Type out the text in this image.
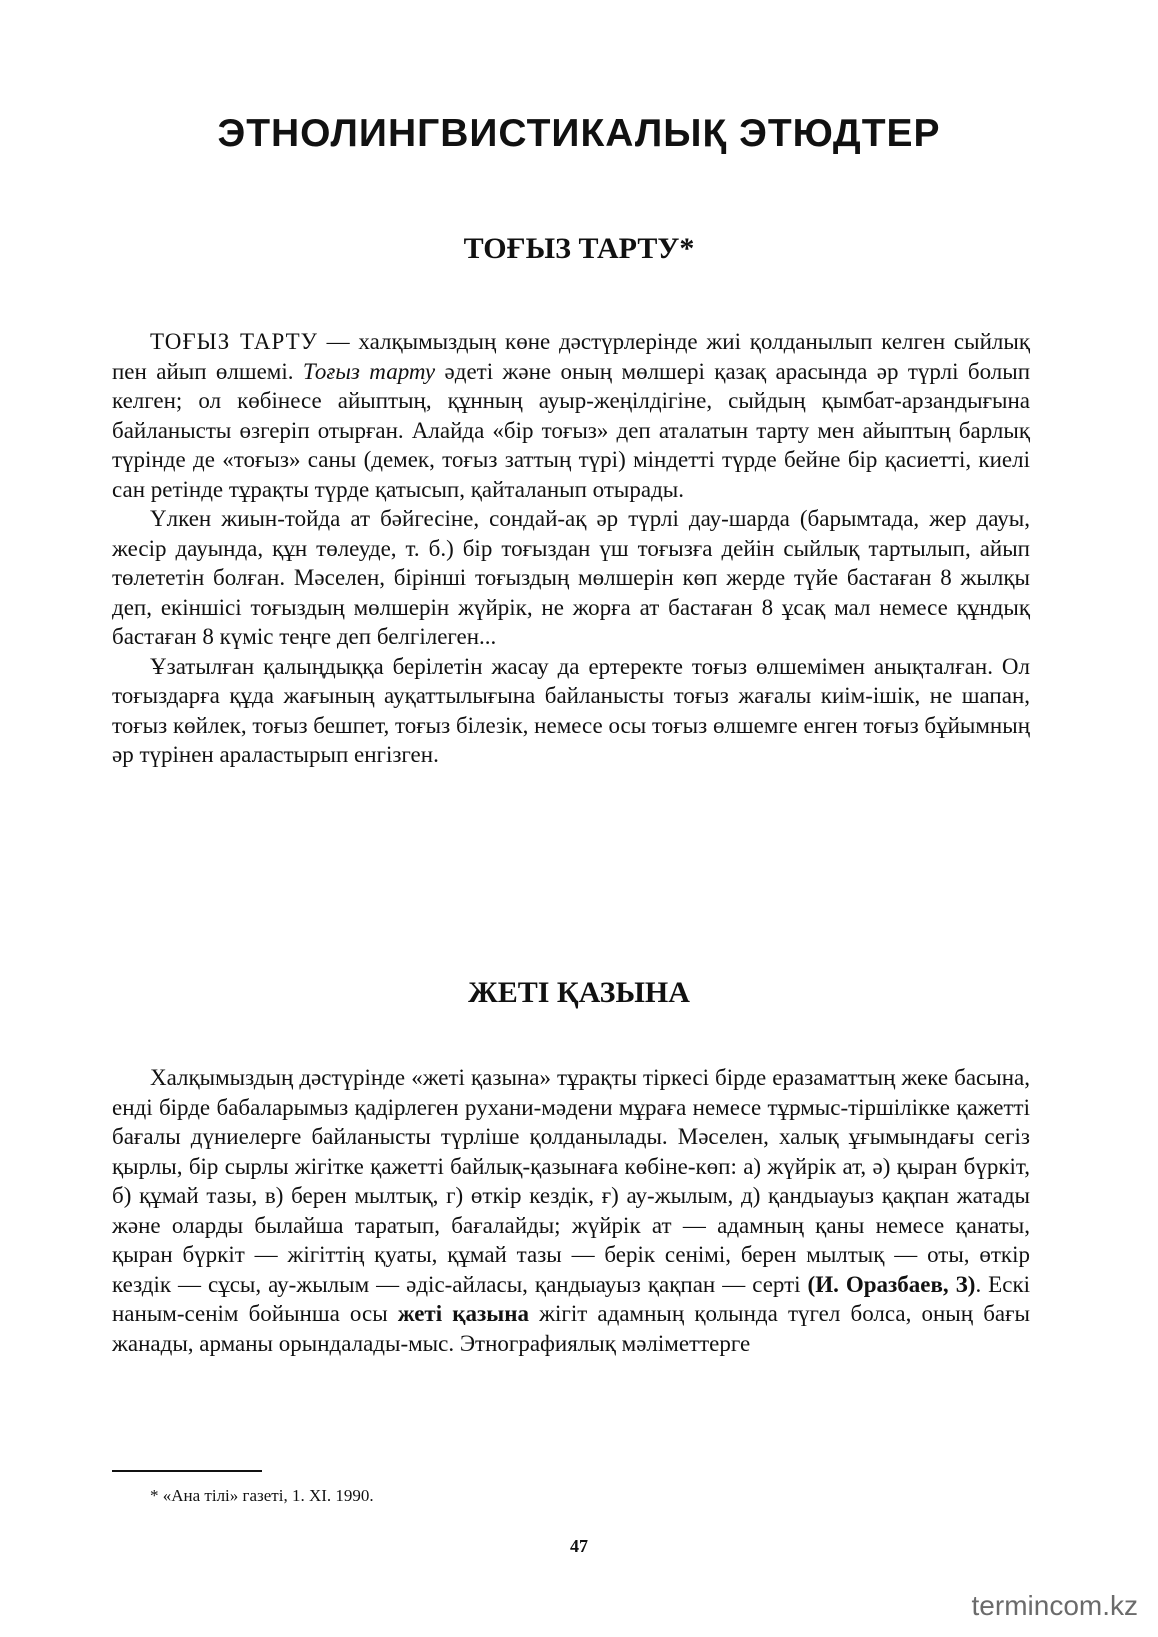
ЭТНОЛИНГВИСТИКАЛЫҚ ЭТЮДТЕР
ТОҒЫЗ ТАРТУ*

ТОҒЫЗ ТАРТУ — халқымыздың көне дәстүрлерінде жиі қолданылып келген сыйлық пен айып өлшемі. Тоғыз тарту әдеті және оның мөлшері қазақ арасында әр түрлі болып келген; ол көбінесе айыптың, құнның ауыр-жеңілдігіне, сыйдың қымбат-арзандығына байланысты өзгеріп отырған. Алайда «бір тоғыз» деп аталатын тарту мен айыптың барлық түрінде де «тоғыз» саны (демек, тоғыз заттың түрі) міндетті түрде бейне бір қасиетті, киелі сан ретінде тұрақты түрде қатысып, қайталанып отырады.

Үлкен жиын-тойда ат бәйгесіне, сондай-ақ әр түрлі дау-шарда (барымтада, жер дауы, жесір дауында, құн төлеуде, т. б.) бір тоғыздан үш тоғызға дейін сыйлық тартылып, айып төлететін болған. Мәселен, бірінші тоғыздың мөлшерін көп жерде түйе бастаған 8 жылқы деп, екіншісі тоғыздың мөлшерін жүйрік, не жорға ат бастаған 8 ұсақ мал немесе құндық бастаған 8 күміс теңге деп белгілеген...

Ұзатылған қалыңдыққа берілетін жасау да ертеректе тоғыз өлшемімен анықталған. Ол тоғыздарға құда жағының ауқаттылығына байланысты тоғыз жағалы киім-ішік, не шапан, тоғыз көйлек, тоғыз бешпет, тоғыз білезік, немесе осы тоғыз өлшемге енген тоғыз бұйымның әр түрінен араластырып енгізген.

ЖЕТІ ҚАЗЫНА

Халқымыздың дәстүрінде «жеті қазына» тұрақты тіркесі бірде еразаматтың жеке басына, енді бірде бабаларымыз қадірлеген рухани-мәдени мұраға немесе тұрмыс-тіршілікке қажетті бағалы дүниелерге байланысты түрліше қолданылады. Мәселен, халық ұғымындағы сегіз қырлы, бір сырлы жігітке қажетті байлық-қазынаға көбіне-көп: а) жүйрік ат, ә) қыран бүркіт, б) құмай тазы, в) берен мылтық, г) өткір кездік, ғ) ау-жылым, д) қандыауыз қақпан жатады және оларды былайша таратып, бағалайды; жүйрік ат — адамның қаны немесе қанаты, қыран бүркіт — жігіттің қуаты, құмай тазы — берік сенімі, берен мылтық — оты, өткір кездік — сұсы, ау-жылым — әдіс-айласы, қандыауыз қақпан — серті (И. Оразбаев, З). Ескі наным-сенім бойынша осы жеті қазына жігіт адамның қолында түгел болса, оның бағы жанады, арманы орындалады-мыс. Этнографиялық мәліметтерге

* «Ана тілі» газеті, 1. XI. 1990.

47

termincom.kz
